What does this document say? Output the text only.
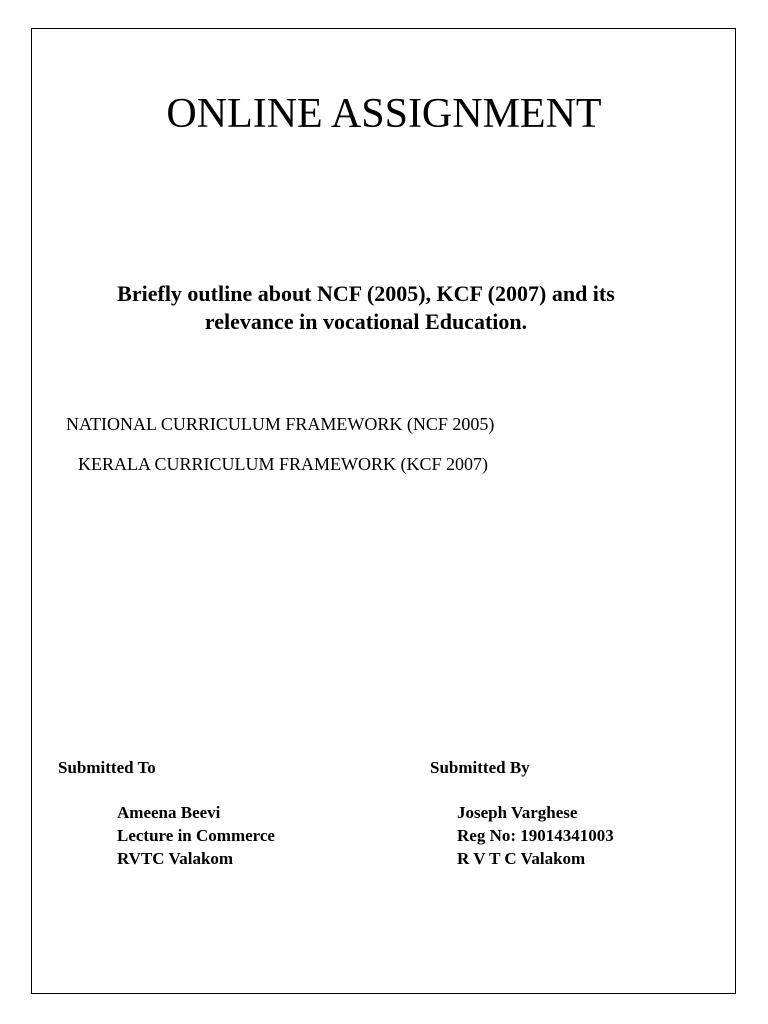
ONLINE ASSIGNMENT
Briefly outline about NCF (2005), KCF (2007) and its
relevance in vocational Education.
NATIONAL CURRICULUM FRAMEWORK (NCF 2005)
KERALA CURRICULUM FRAMEWORK (KCF 2007)
Submitted To	Submitted By
Ameena Beevi
Lecture in Commerce
RVTC Valakom
Joseph Varghese
Reg No: 19014341003
R V T C Valakom
